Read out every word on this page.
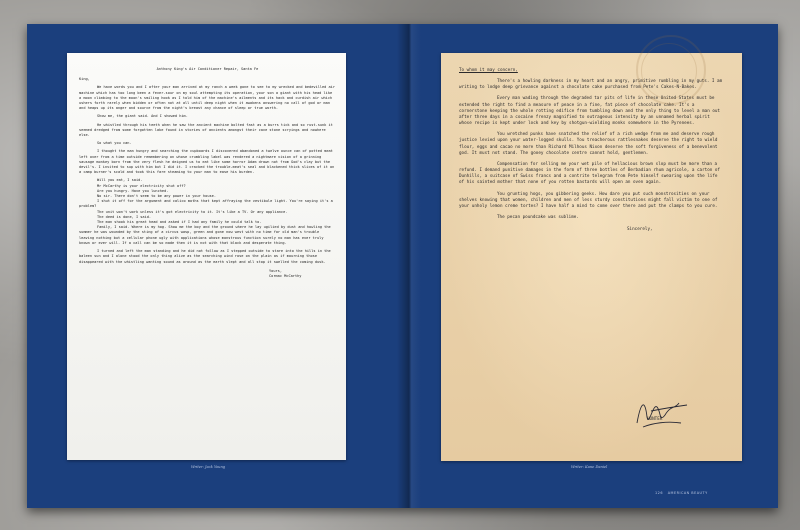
Anthony King's Air Conditioner Repair, Santa Fe

King,

We have words you and I after your man arrived at my ranch a week gone to see to my wrecked and bedevilled air machine which has too long been a fever-sour on my soul attempting its operation, your son a giant with his head like a moon climbing to the moon's smiling hook as I told him of the machine's ailments and its hack and curdish air which ushers forth rarely when bidden or often not at all until deep night when it awakens answering no call of god or man and heaps up its anger and source from the night's breast any chance of sleep or true worth.

Show me, the giant said. And I showed him.

He whistled through his teeth when he saw the ancient machine bolted fast as a burrs tick and so rust-sunk it seemed dredged from some forgotten lake found in stories of ancients amongst their cave stone scryings and nowhere else.

So what you can.

I thought the man hungry and searching the cupboards I discovered abandoned a twelve ounce can of potted meat left over from a time outside remembering on whose crumbling label was rendered a nightmare vision of a grinning sausage monkey born from the very flesh he deigned us to eat like some horror Adam drawn not from God's clay but the devil's. I invited to sup with him but I did it. I cracked the trouble-meat's seal and blackened thick slices of it on a camp burner's scald and took this fare steaming to your man to ease his burden.

Will you eat, I said.

Mr McCarthy is your electricity shut off?

Are you hungry. Have you lunched.

No sir. There don't seem to be any power in your house.

I shut it off for the argument and calico moths that kept affraying the vestibule light. You're saying it's a problem?

The unit won't work unless it's got electricity to it. It's like a TV. Or any appliance.

The deed is done, I said.

The man shook his great head and asked if I had any family he could talk to.

Family, I said. Where is my hog. Show me the boy and the ground where he lay ugilied by dust and howling the summer he was wounded by the sting of a circus wasp, green and gone now west with no time for old man's trouble leaving nothing but a cellular phone ugly with applications whose monstrous function surely no man has ever truly known or ever will. If a call can be so made then it is not with that black and desperate thing.

I turned and left the man standing and he did not follow as I stepped outside to stare into the hills in the baleen sun and I alone stood the only thing alive as the searching wind rose on the plain as if mourning those disappeared with the whistling wanting sound as around as the earth slept and all stop it swelled the coming dusk.

Yours,

Cormac McCarthy

To whom it may concern,

There's a howling darkness in my heart and an angry, primitive rumbling in my guts. I am writing to lodge deep grievance against a chocolate cake purchased from Pete's Cakes-N-Bakes.

Every man wading through the degraded tar pits of life in these United States must be extended the right to find a measure of peace in a fine, fat piece of chocolate cake. It's a cornerstone keeping the whole rotting edifice from tumbling down and the only thing to level a man out after three days in a cocaine frenzy magnified to outrageous intensity by an unnamed herbal spirit whose recipe is kept under lock and key by shotgun-wielding monks somewhere in the Pyrenees.

You wretched punks have snatched the relief of a rich wedge from me and deserve rough justice levied upon your water-logged skulls. You treacherous rattlesnakes deserve the right to wield flour, eggs and cacao no more than Richard Milhous Nixon deserve the soft forgiveness of a benevolent god. It must not stand. The gooey chocolate centre cannot hold, gentlemen.

Compensation for selling me your wet pile of hellacious brown slop must be more than a refund. I demand punitive damages in the form of three bottles of Berbadian rhum agricole, a carton of Dunhills, a suitcase of Swiss francs and a contrite telegram from Pete himself swearing upon the life of his sainted mother that none of you rotten bastards will open an oven again.

You grunting hogs, you gibbering geeks. How dare you put such monstrosities on your shelves knowing that women, children and men of less sturdy constitutions might fall victim to one of your unholy lemon creme tortes? I have half a mind to come over there and put the clamps to you cure.

The pecan poundcake was sublime.

Sincerely,

HUNTER

Writer: Jack Young	Writer: Kane Daniel

126   AMERICAN BEAUTY
